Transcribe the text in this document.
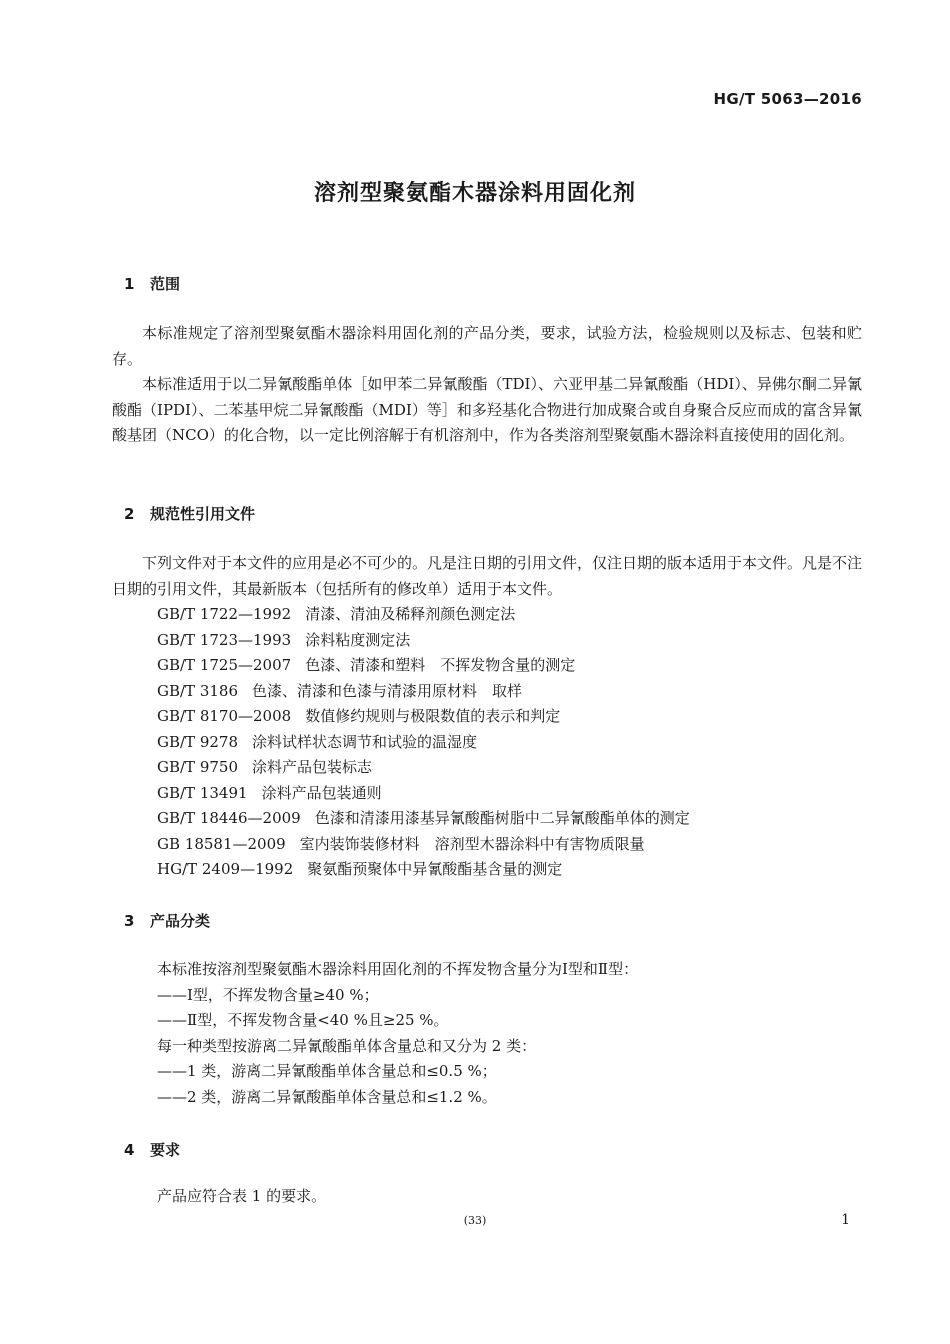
HG/T 5063—2016
溶剂型聚氨酯木器涂料用固化剂
1 范围

本标准规定了溶剂型聚氨酯木器涂料用固化剂的产品分类，要求，试验方法，检验规则以及标志、包装和贮存。

本标准适用于以二异氰酸酯单体［如甲苯二异氰酸酯（TDI）、六亚甲基二异氰酸酯（HDI）、异佛尔酮二异氰酸酯（IPDI）、二苯基甲烷二异氰酸酯（MDI）等］和多羟基化合物进行加成聚合或自身聚合反应而成的富含异氰酸基团（NCO）的化合物，以一定比例溶解于有机溶剂中，作为各类溶剂型聚氨酯木器涂料直接使用的固化剂。

2 规范性引用文件

下列文件对于本文件的应用是必不可少的。凡是注日期的引用文件，仅注日期的版本适用于本文件。凡是不注日期的引用文件，其最新版本（包括所有的修改单）适用于本文件。

GB/T 1722—1992 清漆、清油及稀释剂颜色测定法
GB/T 1723—1993 涂料粘度测定法
GB/T 1725—2007 色漆、清漆和塑料　不挥发物含量的测定
GB/T 3186 色漆、清漆和色漆与清漆用原材料　取样
GB/T 8170—2008 数值修约规则与极限数值的表示和判定
GB/T 9278 涂料试样状态调节和试验的温湿度
GB/T 9750 涂料产品包装标志
GB/T 13491 涂料产品包装通则
GB/T 18446—2009 色漆和清漆用漆基异氰酸酯树脂中二异氰酸酯单体的测定
GB 18581—2009 室内装饰装修材料　溶剂型木器涂料中有害物质限量
HG/T 2409—1992 聚氨酯预聚体中异氰酸酯基含量的测定
3 产品分类
本标准按溶剂型聚氨酯木器涂料用固化剂的不挥发物含量分为Ⅰ型和Ⅱ型：
——Ⅰ型，不挥发物含量≥40 %；
——Ⅱ型，不挥发物含量<40 %且≥25 %。
每一种类型按游离二异氰酸酯单体含量总和又分为 2 类：
——1 类，游离二异氰酸酯单体含量总和≤0.5 %；
——2 类，游离二异氰酸酯单体含量总和≤1.2 %。
4 要求
产品应符合表 1 的要求。
(33)	1
